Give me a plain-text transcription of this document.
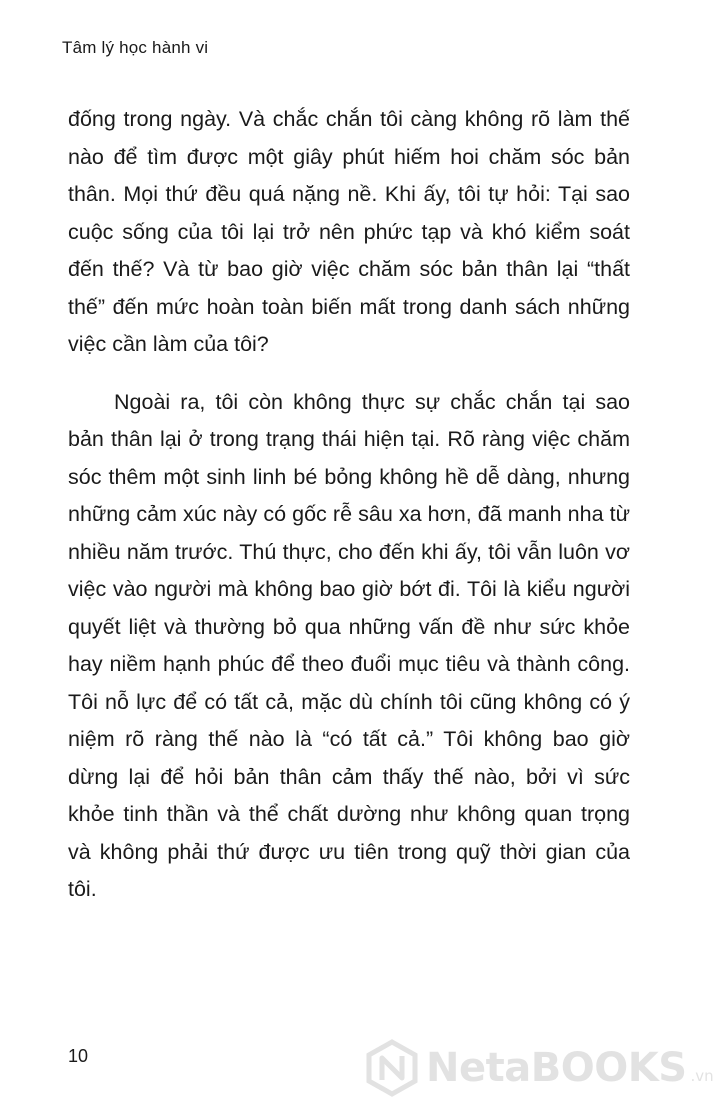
Tâm lý học hành vi

đống trong ngày. Và chắc chắn tôi càng không rõ làm thế nào để tìm được một giây phút hiếm hoi chăm sóc bản thân. Mọi thứ đều quá nặng nề. Khi ấy, tôi tự hỏi: Tại sao cuộc sống của tôi lại trở nên phức tạp và khó kiểm soát đến thế? Và từ bao giờ việc chăm sóc bản thân lại “thất thế” đến mức hoàn toàn biến mất trong danh sách những việc cần làm của tôi?

Ngoài ra, tôi còn không thực sự chắc chắn tại sao bản thân lại ở trong trạng thái hiện tại. Rõ ràng việc chăm sóc thêm một sinh linh bé bỏng không hề dễ dàng, nhưng những cảm xúc này có gốc rễ sâu xa hơn, đã manh nha từ nhiều năm trước. Thú thực, cho đến khi ấy, tôi vẫn luôn vơ việc vào người mà không bao giờ bớt đi. Tôi là kiểu người quyết liệt và thường bỏ qua những vấn đề như sức khỏe hay niềm hạnh phúc để theo đuổi mục tiêu và thành công. Tôi nỗ lực để có tất cả, mặc dù chính tôi cũng không có ý niệm rõ ràng thế nào là “có tất cả.” Tôi không bao giờ dừng lại để hỏi bản thân cảm thấy thế nào, bởi vì sức khỏe tinh thần và thể chất dường như không quan trọng và không phải thứ được ưu tiên trong quỹ thời gian của tôi.

10	NetaBOOKS .vn
